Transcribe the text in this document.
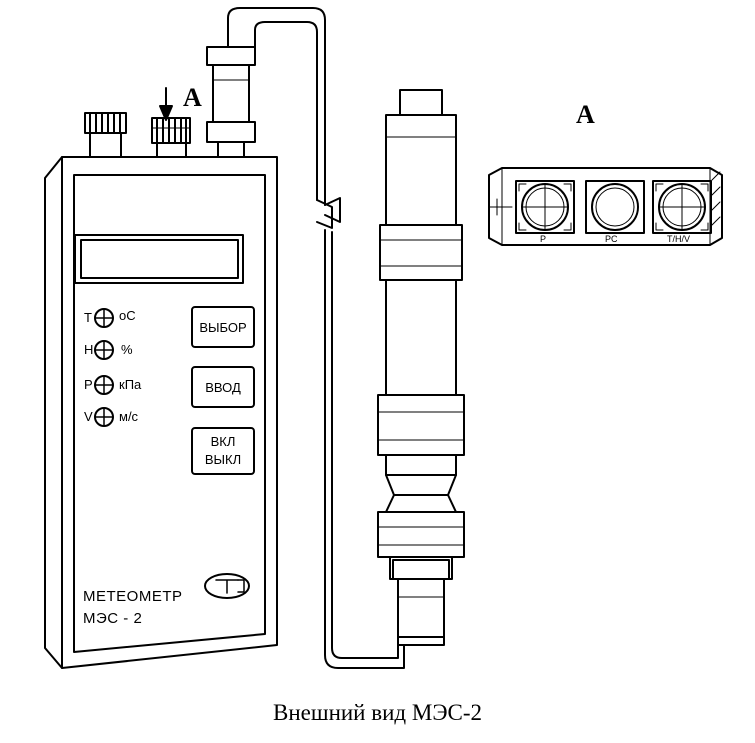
А
А
T oC
H %
P кПа
V м/с
ВЫБОР
ВВОД
ВКЛ
ВЫКЛ
МЕТЕОМЕТР
МЭС - 2
P	PC	T/H/V
Внешний вид МЭС-2
